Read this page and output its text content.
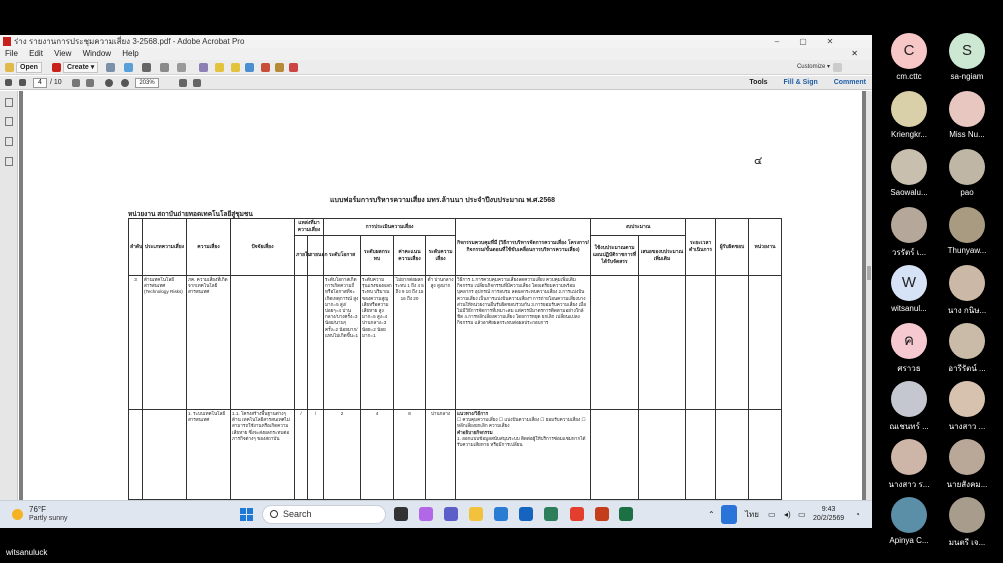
ร่าง รายงานการประชุมความเสี่ยง 3-2568.pdf - Adobe Acrobat Pro	–	▢	✕
File Edit View Window Help	✕
Open	Create ▾	Customize ▾
4	/ 10	203%	Tools Fill & Sign Comment
๔
แบบฟอร์มการบริหารความเสี่ยง มทร.ล้านนา ประจำปีงบประมาณ พ.ศ.2568
หน่วยงาน สถาบันถ่ายทอดเทคโนโลยีสู่ชุมชน
ลำดับ	ประเภทความเสี่ยง	ความเสี่ยง	ปัจจัยเสี่ยง	แหล่งที่มาความเสี่ยง		การประเมินความเสี่ยง				กิจกรรมควบคุมที่มี (วิธีการบริหารจัดการความเสี่ยง โครงการ/กิจกรรม/ขั้นตอนที่ใช้ขับเคลื่อนการบริหารความเสี่ยง)	งบประมาณ		ระยะเวลาดำเนินการ	ผู้รับผิดชอบ	หน่วยงาน
				ภายใน	ภายนอก	ระดับโอกาส	ระดับผลกระทบ	ค่าคะแนนความเสี่ยง	ระดับความเสี่ยง		ใช้งบประมาณตามแผนปฏิบัติราชการที่ได้รับจัดสรร	เสนอของบประมาณเพิ่มเติม			
3	ด้านเทคโนโลยีสารสนเทศ (Technology Risks)	ภค. ความเสี่ยงที่เกิดจากเทคโนโลยีสารสนเทศ				ระดับโอกาสเกิด การเกิดความถี่หรือโอกาสที่จะเกิดเหตุการณ์ สูงมาก=5 สูง/บ่อยๆ=4 ปานกลาง/บางครั้ง=3 น้อย/นานๆ ครั้ง=2 น้อยมาก/แทบไม่เกิดขึ้น=1	ระดับความรุนแรงของผลกระทบ ปริมาณของความสูญเสียหรือความเสียหาย สูงมาก=5 สูง=4 ปานกลาง=3 น้อย=2 น้อยมาก=1	ไม่ยากต่อผลกระทบ 1 ถึง 4 5 ถึง 9 10 ถึง 15 16 ถึง 20	ต่ำ ปานกลาง สูง สูงมาก	วิธีการ 1.การควบคุมความเสี่ยงลดความเสี่ยง ควบคุมเพิ่มเติมกิจกรรม เปลี่ยนกิจกรรมที่มีความเสี่ยง โดยเตรียมความพร้อมบุคลากร อุปกรณ์ การอบรม ลดผลกระทบความเสี่ยง 2.การแบ่งปันความเสี่ยง เป็นการแบ่งปันความเสี่ยงฯ การถ่ายโอนความเสี่ยงบางส่วนให้หน่วยงานอื่นรับผิดชอบร่วมกัน 3.การยอมรับความเสี่ยง เมื่อไม่มีวิธีการจัดการที่เหมาะสม แต่ควรมีมาตรการติดตามอย่างใกล้ชิด 4.การหลีกเลี่ยงความเสี่ยง โดยการหยุด ยกเลิก เปลี่ยนแปลงกิจกรรม แล้วอาศัยผลกระทบต่อผลประกอบการ					
		1. ระบบเทคโนโลยีสารสนเทศ	1.1. โครงสร้างพื้นฐานต่างๆ ด้าน เทคโนโลยีสารสนเทศไม่สามารถใช้งานหรือเกิดความเสียหาย ซึ่งจะส่งผลกระทบต่อภารกิจต่างๆ ของสถาบัน	/	/	2	4	8	ปานกลาง	แนวทาง/วิธีการ
☐ ควบคุมความเสี่ยง ☐ แบ่งปันความเสี่ยง ☐ ยอมรับความเสี่ยง ☐ หลีกเลี่ยงยกเลิก ความเสี่ยง
คำอธิบายกิจกรรม
1. ออกแบบข้อมูลสนับสนุนระบบ ติดต่อผู้ให้บริการซ่อมแซมหากได้รับความเสียหาย หรือมีการเปลี่ยน					

76°F
Partly sunny	Search	⌃	ไทย ▭ ◂) ▭
9:43
20/2/2569 ◔
C
cm.cttc
S
sa-ngiam
Kriengkr...	Miss Nu...
Saowalu...	pao
วรรัตร์ เ...	Thunyaw...
W
witsanul...	นาง กนิษ...
ค
ศราวธ	อารีรัตน์ ...
ณเชนทร์ ...	นางสาว ...
นางสาว ร...	นายสังคม...
Apinya C...	มนตรี เจ...
witsanuluck
